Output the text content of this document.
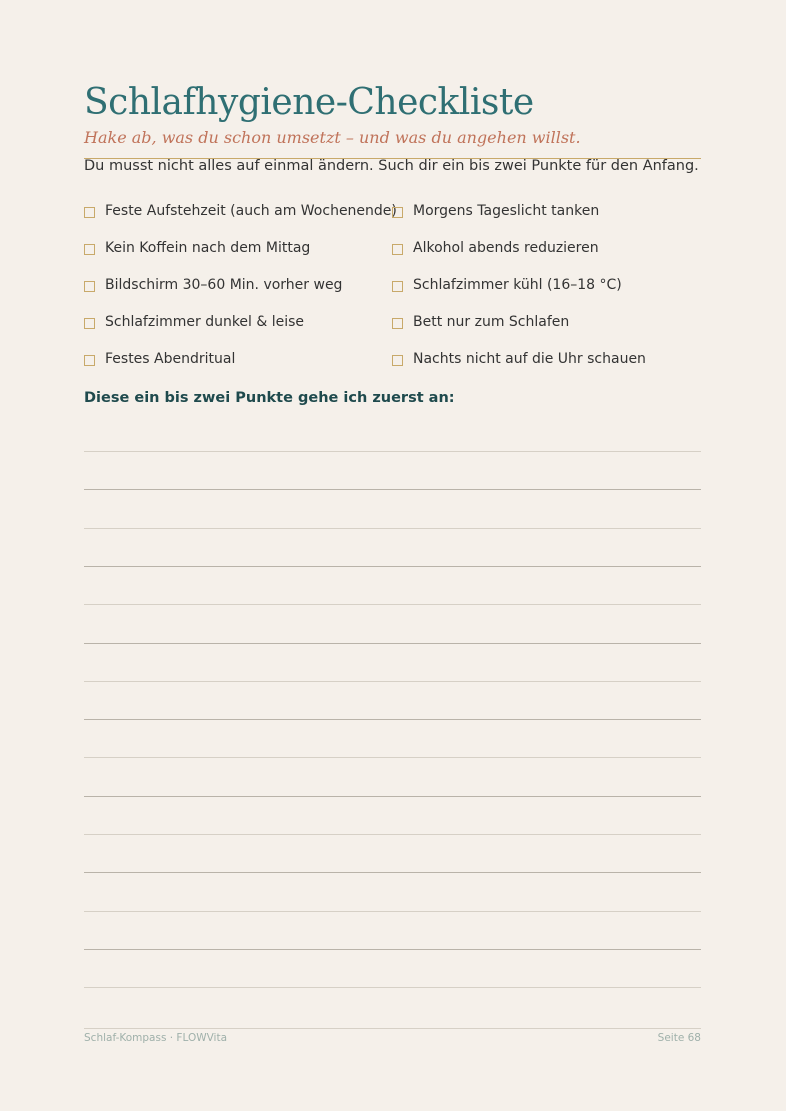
Schlafhygiene-Checkliste
Hake ab, was du schon umsetzt – und was du angehen willst.
Du musst nicht alles auf einmal ändern. Such dir ein bis zwei Punkte für den Anfang.
Feste Aufstehzeit (auch am Wochenende) Morgens Tageslicht tanken
Kein Koffein nach dem Mittag	Alkohol abends reduzieren
Bildschirm 30–60 Min. vorher weg	Schlafzimmer kühl (16–18 °C)
Schlafzimmer dunkel & leise	Bett nur zum Schlafen
Festes Abendritual	Nachts nicht auf die Uhr schauen
Diese ein bis zwei Punkte gehe ich zuerst an:
Schlaf-Kompass · FLOWVita	Seite 68
